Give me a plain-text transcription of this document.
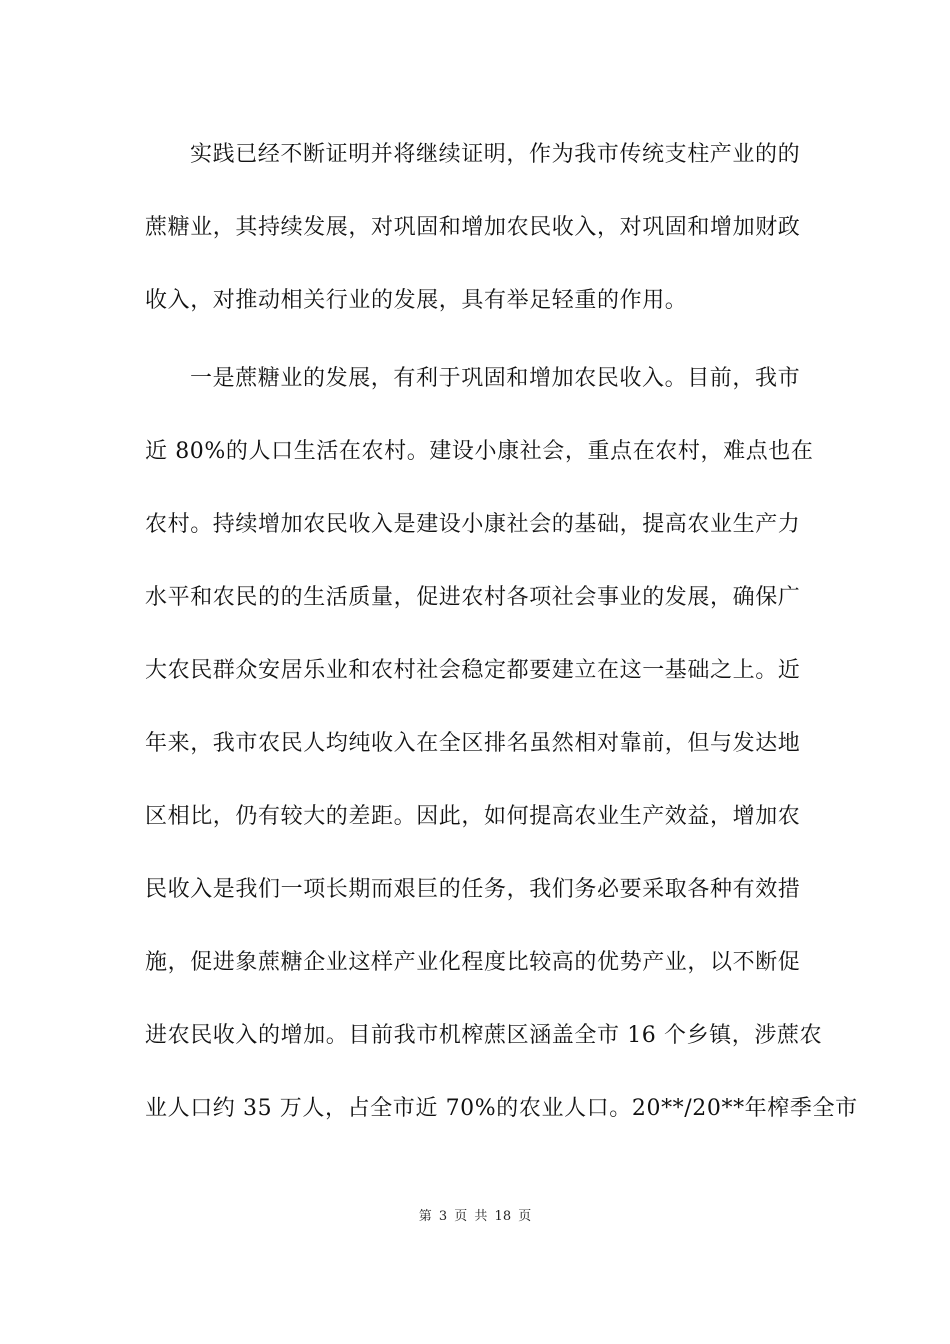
实践已经不断证明并将继续证明，作为我市传统支柱产业的的
蔗糖业，其持续发展，对巩固和增加农民收入，对巩固和增加财政
收入，对推动相关行业的发展，具有举足轻重的作用。
一是蔗糖业的发展，有利于巩固和增加农民收入。目前，我市
近 80%的人口生活在农村。建设小康社会，重点在农村，难点也在
农村。持续增加农民收入是建设小康社会的基础，提高农业生产力
水平和农民的的生活质量，促进农村各项社会事业的发展，确保广
大农民群众安居乐业和农村社会稳定都要建立在这一基础之上。近
年来，我市农民人均纯收入在全区排名虽然相对靠前，但与发达地
区相比，仍有较大的差距。因此，如何提高农业生产效益，增加农
民收入是我们一项长期而艰巨的任务，我们务必要采取各种有效措
施，促进象蔗糖企业这样产业化程度比较高的优势产业，以不断促
进农民收入的增加。目前我市机榨蔗区涵盖全市 16 个乡镇，涉蔗农
业人口约 35 万人，占全市近 70%的农业人口。20**/20**年榨季全市
第 3 页 共 18 页
